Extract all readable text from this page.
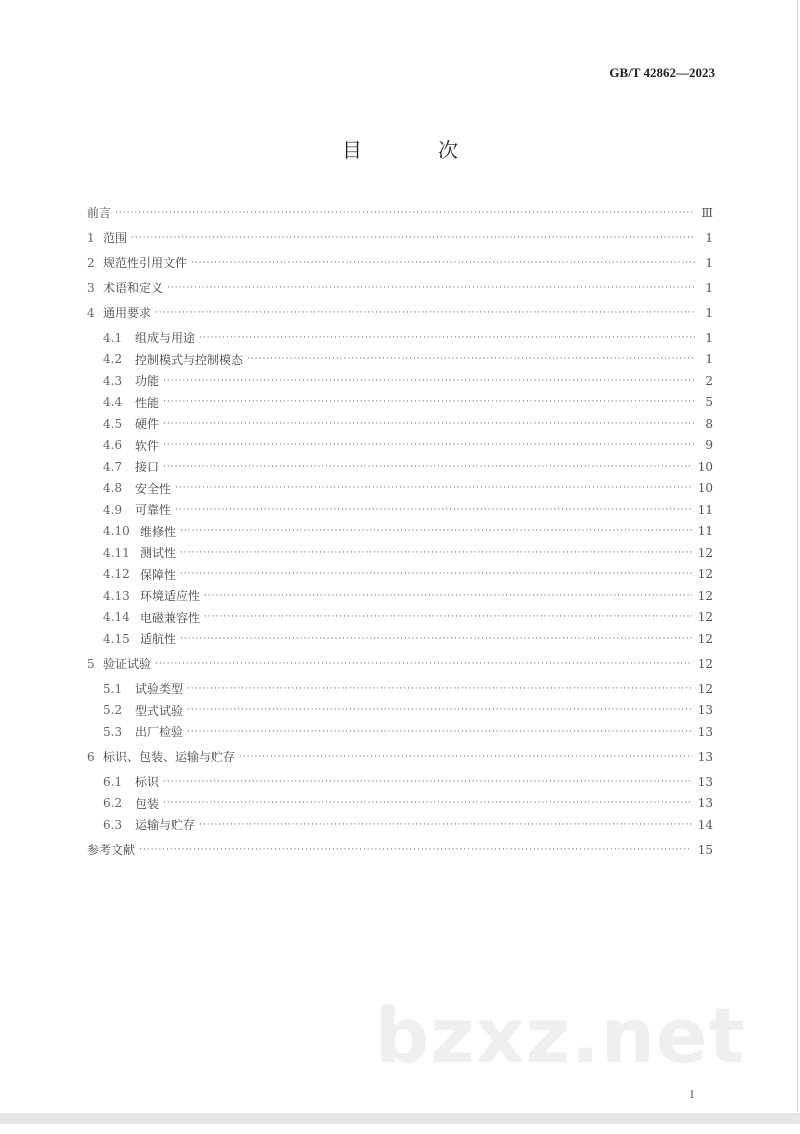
GB/T 42862—2023
目　次
前言 ·····	Ⅲ
1 范围 ·····	1
2 规范性引用文件 ·····	1
3 术语和定义 ·····	1
4 通用要求 ·····	1
4.1	组成与用途 ·····	1
4.2	控制模式与控制模态 ·····	1
4.3	功能 ·····	2
4.4	性能 ·····	5
4.5	硬件 ·····	8
4.6	软件 ·····	9
4.7	接口 ·····	10
4.8	安全性 ·····	10
4.9	可靠性 ·····	11
4.10 维修性 ·····	11
4.11 测试性 ·····	12
4.12 保障性 ·····	12
4.13 环境适应性 ·····	12
4.14 电磁兼容性 ·····	12
4.15 适航性 ·····	12
5 验证试验 ·····	12
5.1	试验类型 ·····	12
5.2	型式试验 ·····	13
5.3	出厂检验 ·····	13
6 标识、包装、运输与贮存 ·····	13
6.1	标识 ·····	13
6.2	包装 ·····	13
6.3	运输与贮存 ·····	14
参考文献 ·····	15
bzxz.net
I
